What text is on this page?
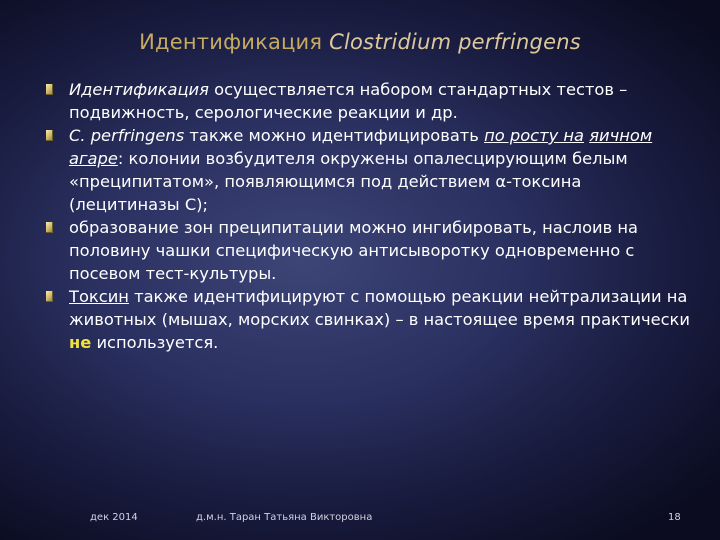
Идентификация Clostridium perfringens
Идентификация осуществляется набором стандартных тестов – подвижность, серологические реакции и др.
C. perfringens также можно идентифицировать по росту на яичном агаре: колонии возбудителя окружены опалесцирующим белым «преципитатом», появляющимся под действием α-токсина (лецитиназы С);
образование зон преципитации можно ингибировать, наслоив на половину чашки специфическую антисыворотку одновременно с посевом тест-культуры.
Токсин также идентифицируют с помощью реакции нейтрализации на животных (мышах, морских свинках) – в настоящее время практически не используется.
дек 2014	д.м.н. Таран Татьяна Викторовна	18
